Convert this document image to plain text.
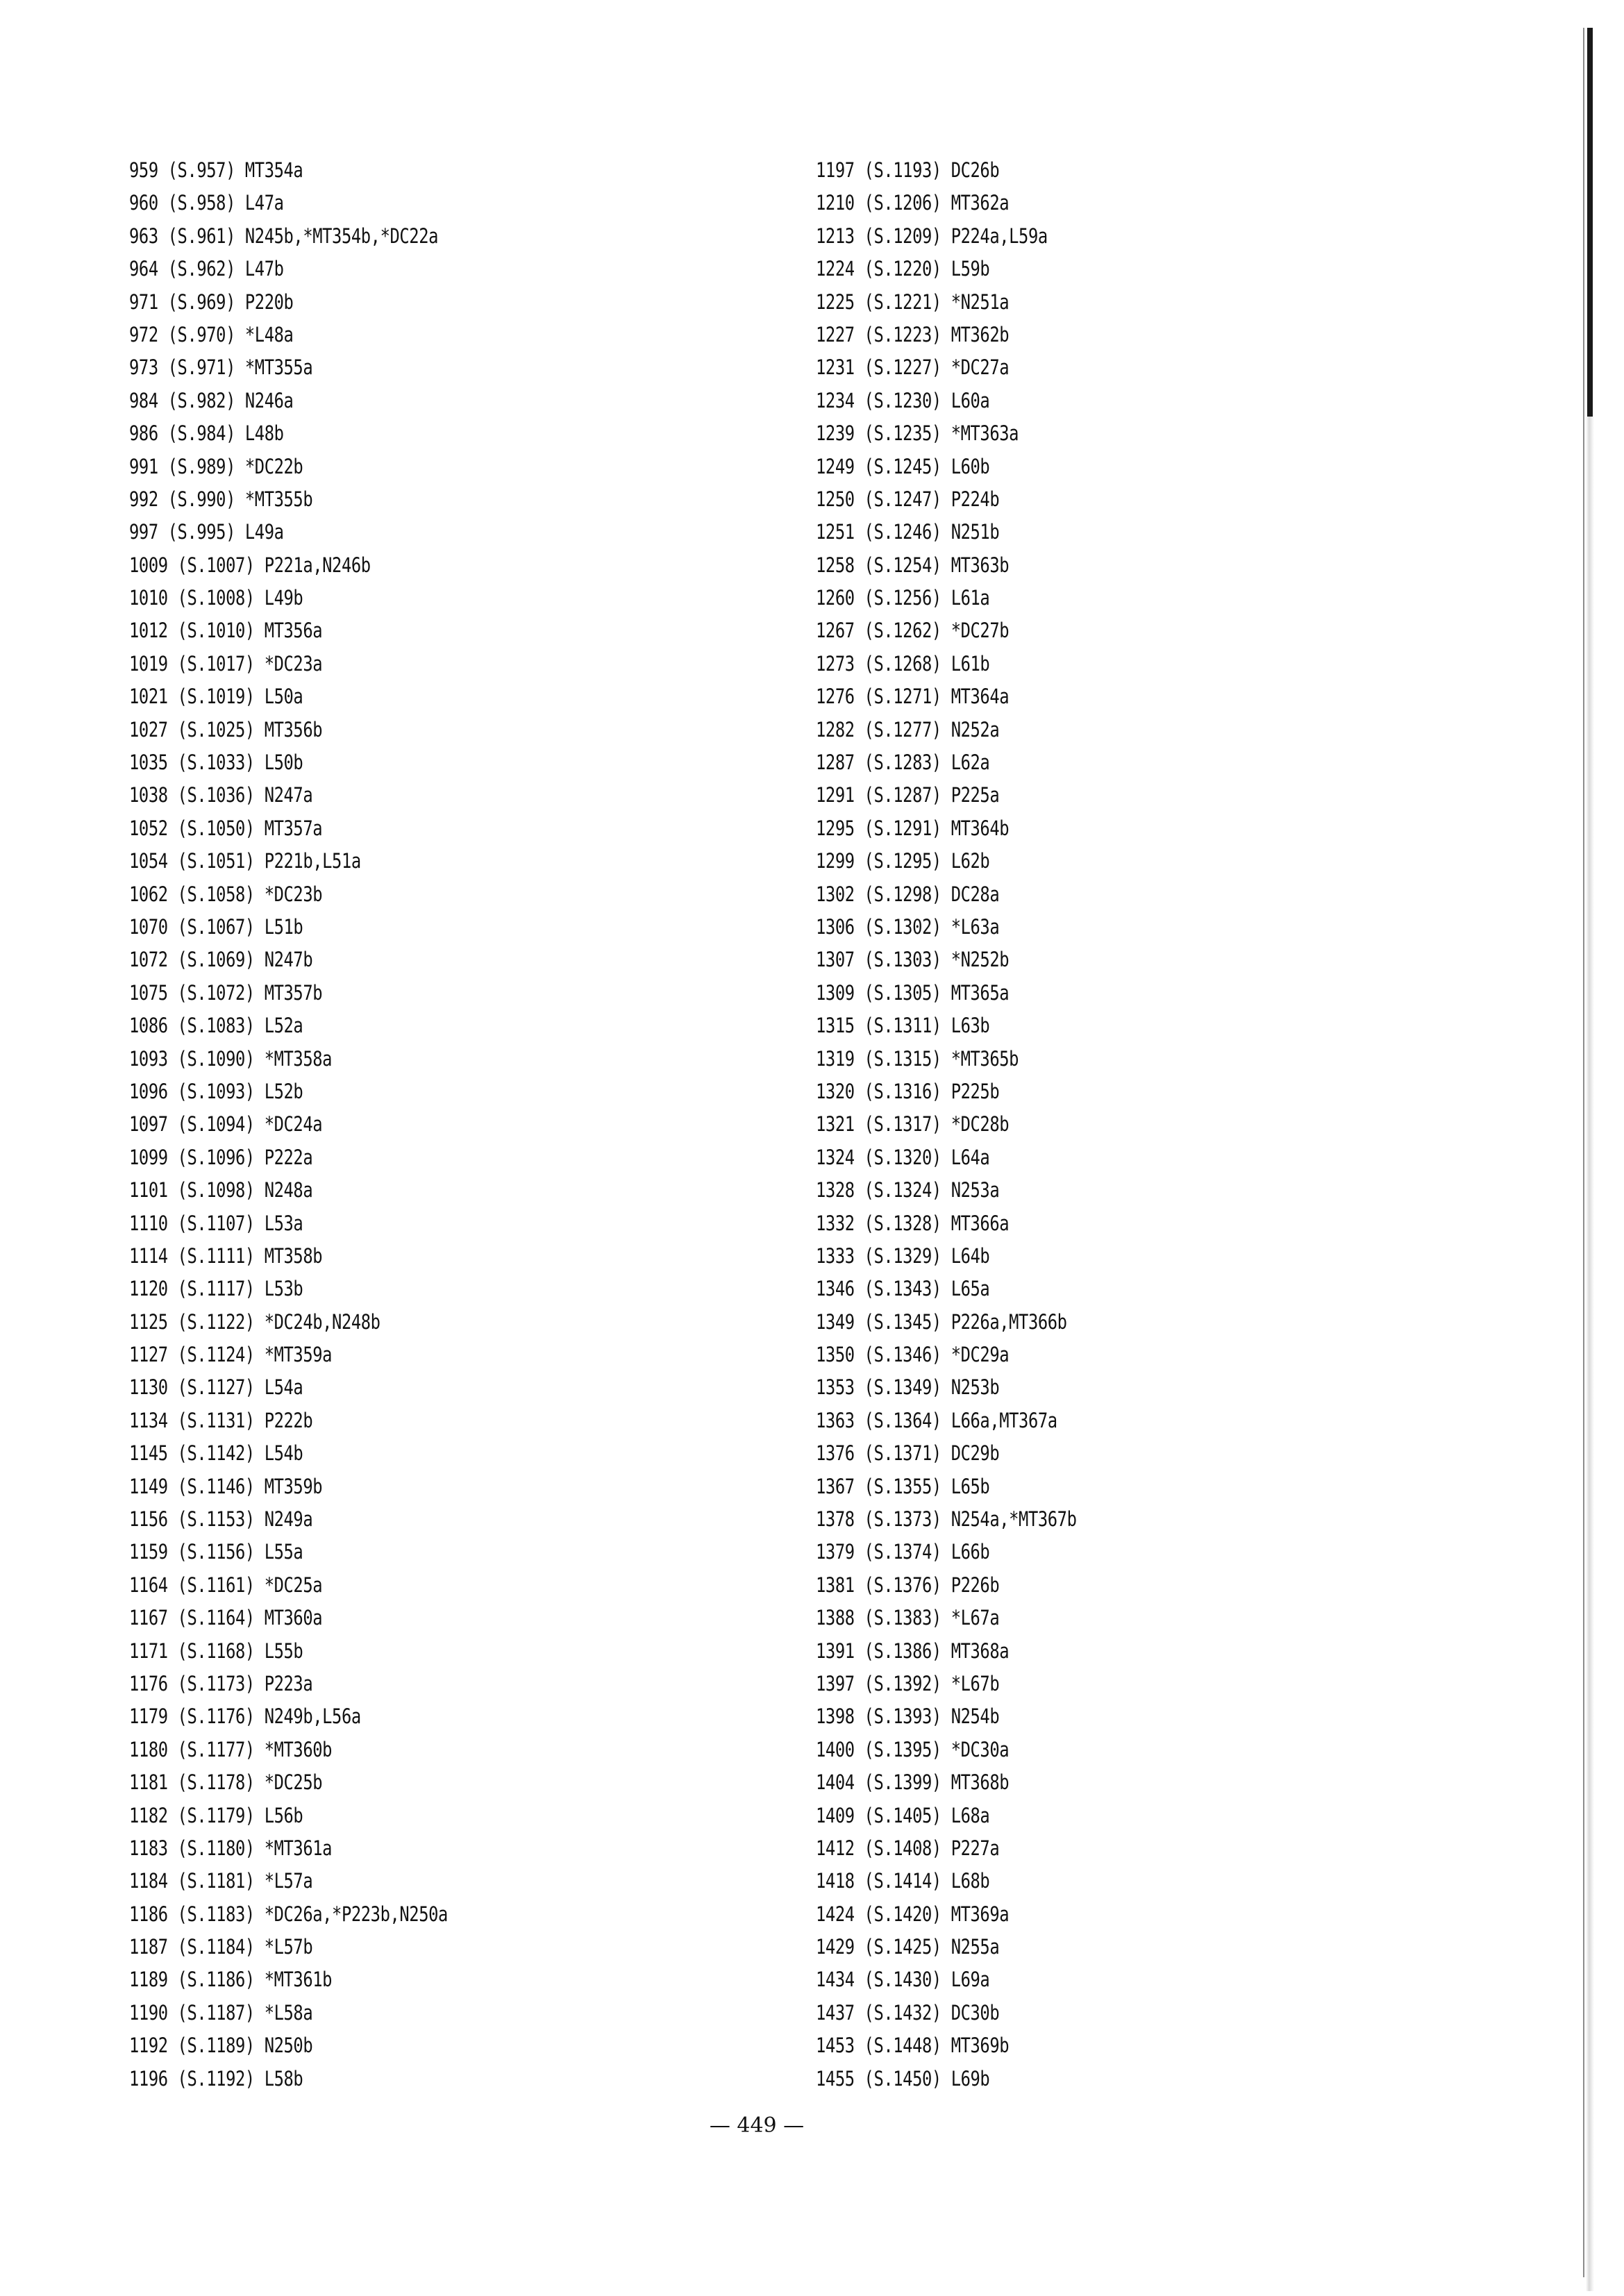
959 (S.957) MT354a
960 (S.958) L47a
963 (S.961) N245b,*MT354b,*DC22a
964 (S.962) L47b
971 (S.969) P220b
972 (S.970) *L48a
973 (S.971) *MT355a
984 (S.982) N246a
986 (S.984) L48b
991 (S.989) *DC22b
992 (S.990) *MT355b
997 (S.995) L49a
1009 (S.1007) P221a,N246b
1010 (S.1008) L49b
1012 (S.1010) MT356a
1019 (S.1017) *DC23a
1021 (S.1019) L50a
1027 (S.1025) MT356b
1035 (S.1033) L50b
1038 (S.1036) N247a
1052 (S.1050) MT357a
1054 (S.1051) P221b,L51a
1062 (S.1058) *DC23b
1070 (S.1067) L51b
1072 (S.1069) N247b
1075 (S.1072) MT357b
1086 (S.1083) L52a
1093 (S.1090) *MT358a
1096 (S.1093) L52b
1097 (S.1094) *DC24a
1099 (S.1096) P222a
1101 (S.1098) N248a
1110 (S.1107) L53a
1114 (S.1111) MT358b
1120 (S.1117) L53b
1125 (S.1122) *DC24b,N248b
1127 (S.1124) *MT359a
1130 (S.1127) L54a
1134 (S.1131) P222b
1145 (S.1142) L54b
1149 (S.1146) MT359b
1156 (S.1153) N249a
1159 (S.1156) L55a
1164 (S.1161) *DC25a
1167 (S.1164) MT360a
1171 (S.1168) L55b
1176 (S.1173) P223a
1179 (S.1176) N249b,L56a
1180 (S.1177) *MT360b
1181 (S.1178) *DC25b
1182 (S.1179) L56b
1183 (S.1180) *MT361a
1184 (S.1181) *L57a
1186 (S.1183) *DC26a,*P223b,N250a
1187 (S.1184) *L57b
1189 (S.1186) *MT361b
1190 (S.1187) *L58a
1192 (S.1189) N250b
1196 (S.1192) L58b
1197 (S.1193) DC26b
1210 (S.1206) MT362a
1213 (S.1209) P224a,L59a
1224 (S.1220) L59b
1225 (S.1221) *N251a
1227 (S.1223) MT362b
1231 (S.1227) *DC27a
1234 (S.1230) L60a
1239 (S.1235) *MT363a
1249 (S.1245) L60b
1250 (S.1247) P224b
1251 (S.1246) N251b
1258 (S.1254) MT363b
1260 (S.1256) L61a
1267 (S.1262) *DC27b
1273 (S.1268) L61b
1276 (S.1271) MT364a
1282 (S.1277) N252a
1287 (S.1283) L62a
1291 (S.1287) P225a
1295 (S.1291) MT364b
1299 (S.1295) L62b
1302 (S.1298) DC28a
1306 (S.1302) *L63a
1307 (S.1303) *N252b
1309 (S.1305) MT365a
1315 (S.1311) L63b
1319 (S.1315) *MT365b
1320 (S.1316) P225b
1321 (S.1317) *DC28b
1324 (S.1320) L64a
1328 (S.1324) N253a
1332 (S.1328) MT366a
1333 (S.1329) L64b
1346 (S.1343) L65a
1349 (S.1345) P226a,MT366b
1350 (S.1346) *DC29a
1353 (S.1349) N253b
1363 (S.1364) L66a,MT367a
1376 (S.1371) DC29b
1367 (S.1355) L65b
1378 (S.1373) N254a,*MT367b
1379 (S.1374) L66b
1381 (S.1376) P226b
1388 (S.1383) *L67a
1391 (S.1386) MT368a
1397 (S.1392) *L67b
1398 (S.1393) N254b
1400 (S.1395) *DC30a
1404 (S.1399) MT368b
1409 (S.1405) L68a
1412 (S.1408) P227a
1418 (S.1414) L68b
1424 (S.1420) MT369a
1429 (S.1425) N255a
1434 (S.1430) L69a
1437 (S.1432) DC30b
1453 (S.1448) MT369b
1455 (S.1450) L69b
— 449 —
